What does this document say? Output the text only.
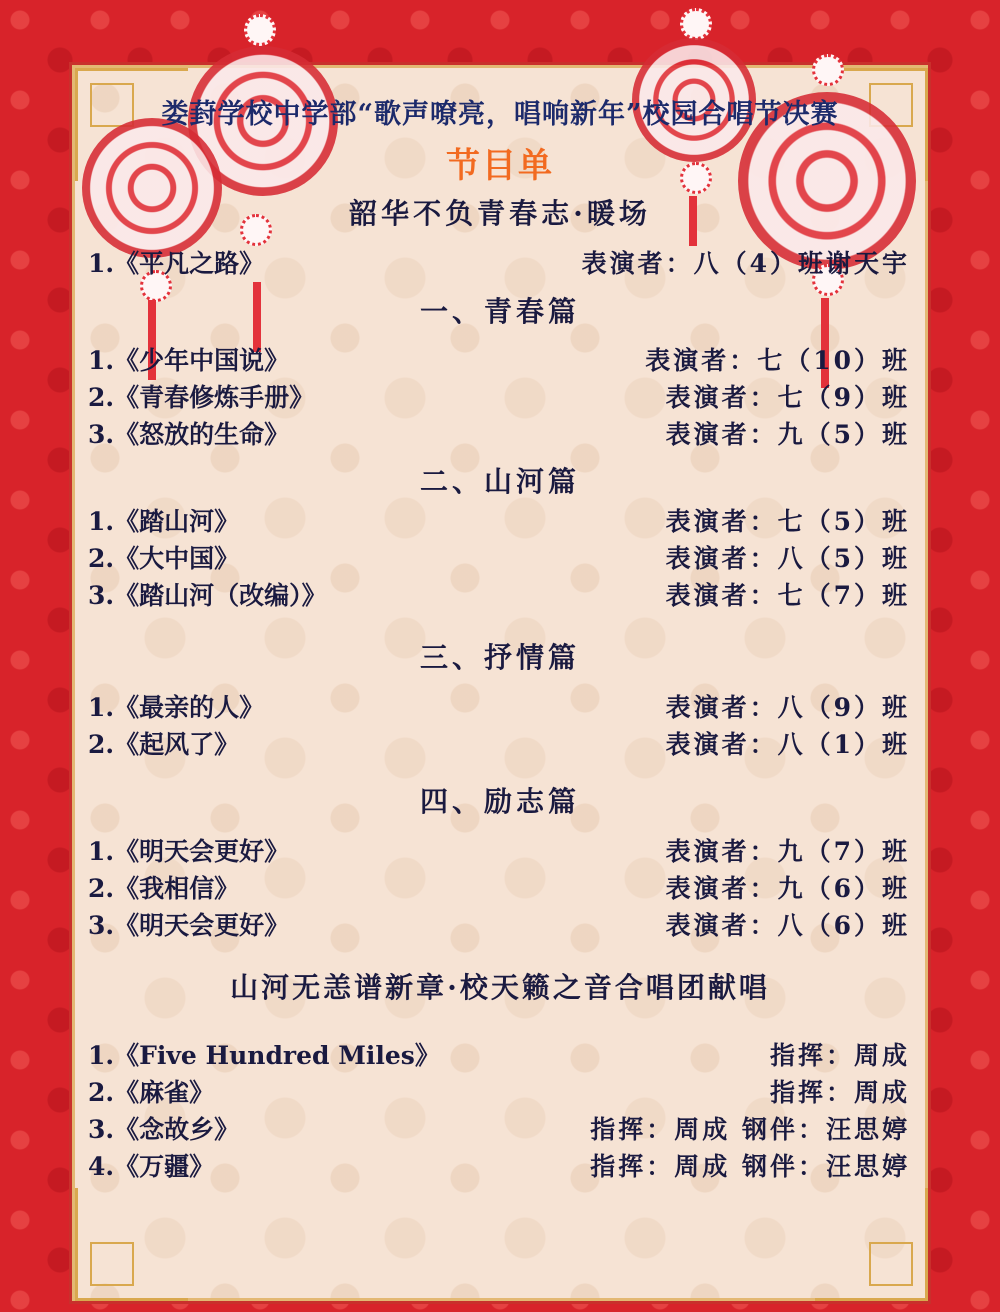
娄葑学校中学部“歌声嘹亮，唱响新年”校园合唱节决赛
节目单
韶华不负青春志·暖场
1.《平凡之路》	表演者：八（4）班谢天宇
一、青春篇
1.《少年中国说》	表演者：七（10）班
2.《青春修炼手册》	表演者：七（9）班
3.《怒放的生命》	表演者：九（5）班
二、山河篇
1.《踏山河》	表演者：七（5）班
2.《大中国》	表演者：八（5）班
3.《踏山河（改编）》	表演者：七（7）班
三、抒情篇
1.《最亲的人》	表演者：八（9）班
2.《起风了》	表演者：八（1）班
四、励志篇
1.《明天会更好》	表演者：九（7）班
2.《我相信》	表演者：九（6）班
3.《明天会更好》	表演者：八（6）班
山河无恙谱新章·校天籁之音合唱团献唱
1.《Five Hundred Miles》	指挥：周成
2.《麻雀》	指挥：周成
3.《念故乡》	指挥：周成 钢伴：汪思婷
4.《万疆》	指挥：周成 钢伴：汪思婷
